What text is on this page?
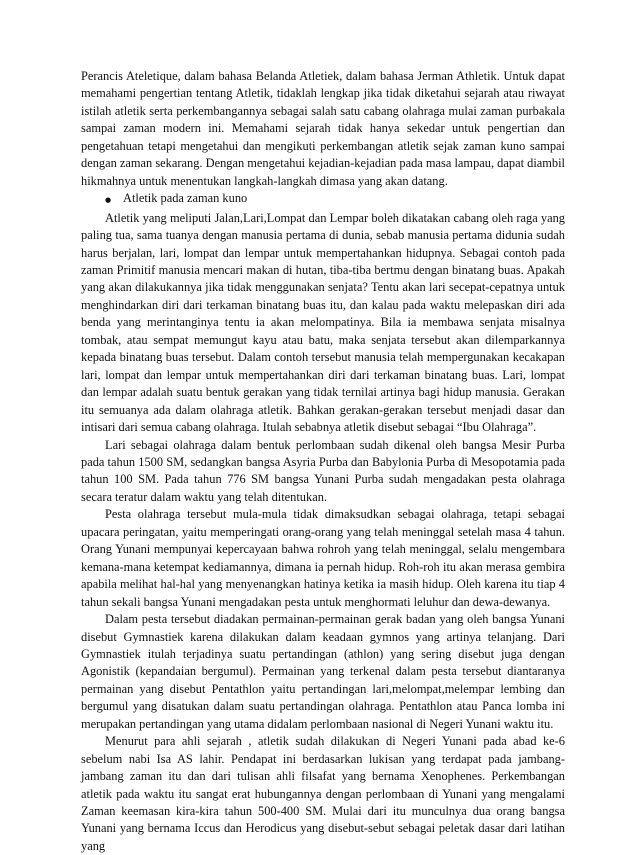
Perancis Ateletique, dalam bahasa Belanda Atletiek, dalam bahasa Jerman Athletik. Untuk dapat memahami pengertian tentang Atletik, tidaklah lengkap jika tidak diketahui sejarah atau riwayat istilah atletik serta perkembangannya sebagai salah satu cabang olahraga mulai zaman purbakala sampai zaman modern ini. Memahami sejarah tidak hanya sekedar untuk pengertian dan pengetahuan tetapi mengetahui dan mengikuti perkembangan atletik sejak zaman kuno sampai dengan zaman sekarang. Dengan mengetahui kejadian-kejadian pada masa lampau, dapat diambil hikmahnya untuk menentukan langkah-langkah dimasa yang akan datang.

● Atletik pada zaman kuno

Atletik yang meliputi Jalan,Lari,Lompat dan Lempar boleh dikatakan cabang oleh raga yang paling tua, sama tuanya dengan manusia pertama di dunia, sebab manusia pertama didunia sudah harus berjalan, lari, lompat dan lempar untuk mempertahankan hidupnya. Sebagai contoh pada zaman Primitif manusia mencari makan di hutan, tiba-tiba bertmu dengan binatang buas. Apakah yang akan dilakukannya jika tidak menggunakan senjata? Tentu akan lari secepat-cepatnya untuk menghindarkan diri dari terkaman binatang buas itu, dan kalau pada waktu melepaskan diri ada benda yang merintanginya tentu ia akan melompatinya. Bila ia membawa senjata misalnya tombak, atau sempat memungut kayu atau batu, maka senjata tersebut akan dilemparkannya kepada binatang buas tersebut. Dalam contoh tersebut manusia telah mempergunakan kecakapan lari, lompat dan lempar untuk mempertahankan diri dari terkaman binatang buas. Lari, lompat dan lempar adalah suatu bentuk gerakan yang tidak ternilai artinya bagi hidup manusia. Gerakan itu semuanya ada dalam olahraga atletik. Bahkan gerakan-gerakan tersebut menjadi dasar dan intisari dari semua cabang olahraga. Itulah sebabnya atletik disebut sebagai “Ibu Olahraga”.

Lari sebagai olahraga dalam bentuk perlombaan sudah dikenal oleh bangsa Mesir Purba pada tahun 1500 SM, sedangkan bangsa Asyria Purba dan Babylonia Purba di Mesopotamia pada tahun 100 SM. Pada tahun 776 SM bangsa Yunani Purba sudah mengadakan pesta olahraga secara teratur dalam waktu yang telah ditentukan.

Pesta olahraga tersebut mula-mula tidak dimaksudkan sebagai olahraga, tetapi sebagai upacara peringatan, yaitu memperingati orang-orang yang telah meninggal setelah masa 4 tahun. Orang Yunani mempunyai kepercayaan bahwa rohroh yang telah meninggal, selalu mengembara kemana-mana ketempat kediamannya, dimana ia pernah hidup. Roh-roh itu akan merasa gembira apabila melihat hal-hal yang menyenangkan hatinya ketika ia masih hidup. Oleh karena itu tiap 4 tahun sekali bangsa Yunani mengadakan pesta untuk menghormati leluhur dan dewa-dewanya.

Dalam pesta tersebut diadakan permainan-permainan gerak badan yang oleh bangsa Yunani disebut Gymnastiek karena dilakukan dalam keadaan gymnos yang artinya telanjang. Dari Gymnastiek itulah terjadinya suatu pertandingan (athlon) yang sering disebut juga dengan Agonistik (kepandaian bergumul). Permainan yang terkenal dalam pesta tersebut diantaranya permainan yang disebut Pentathlon yaitu pertandingan lari,melompat,melempar lembing dan bergumul yang disatukan dalam suatu pertandingan olahraga. Pentathlon atau Panca lomba ini merupakan pertandingan yang utama didalam perlombaan nasional di Negeri Yunani waktu itu.

Menurut para ahli sejarah , atletik sudah dilakukan di Negeri Yunani pada abad ke-6 sebelum nabi Isa AS lahir. Pendapat ini berdasarkan lukisan yang terdapat pada jambang-jambang zaman itu dan dari tulisan ahli filsafat yang bernama Xenophenes. Perkembangan atletik pada waktu itu sangat erat hubungannya dengan perlombaan di Yunani yang mengalami Zaman keemasan kira-kira tahun 500-400 SM. Mulai dari itu munculnya dua orang bangsa Yunani yang bernama Iccus dan Herodicus yang disebut-sebut sebagai peletak dasar dari latihan yang
